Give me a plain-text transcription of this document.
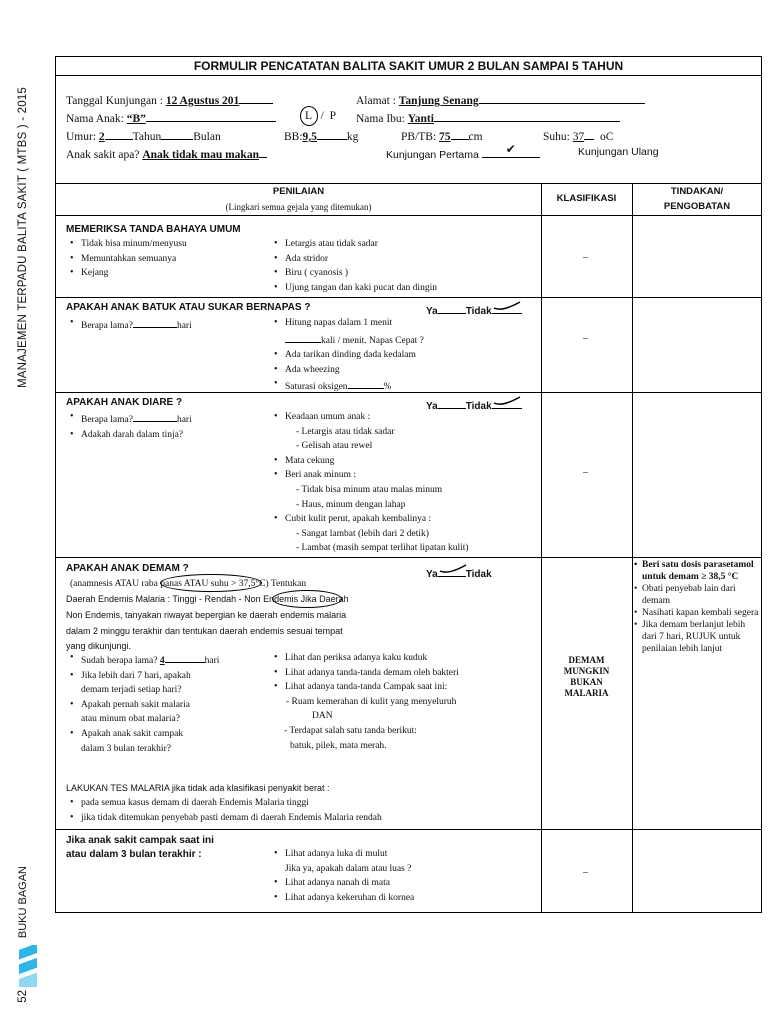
MANAJEMEN TERPADU BALITA SAKIT ( MTBS ) - 2015
BUKU BAGAN
52
FORMULIR PENCATATAN BALITA SAKIT UMUR 2 BULAN SAMPAI 5 TAHUN
Tanggal Kunjungan : 12 Agustus 201	Alamat : Tanjung Senang
Nama Anak: “B”	L / P Nama Ibu: Yanti
Umur: 2 Tahun	Bulan	BB:9,5	kg	PB/TB: 75 cm	Suhu: 37 oC
Anak sakit apa? Anak tidak mau makan	Kunjungan Pertama ✔	Kunjungan Ulang
PENILAIAN
(Lingkari semua gejala yang ditemukan)
KLASIFIKASI
TINDAKAN/
PENGOBATAN
MEMERIKSA TANDA BAHAYA UMUM
• Tidak bisa minum/menyusu
• Memuntahkan semuanya
• Kejang
• Letargis atau tidak sadar
• Ada stridor
• Biru ( cyanosis )
• Ujung tangan dan kaki pucat dan dingin
–
APAKAH ANAK BATUK ATAU SUKAR BERNAPAS ?	Ya	Tidak
• Berapa lama?	hari	• Hitung napas dalam 1 menit
kali / menit. Napas Cepat ?
• Ada tarikan dinding dada kedalam
• Ada wheezing
• Saturasi oksigen	%
–
APAKAH ANAK DIARE ?	Ya	Tidak
• Berapa lama?	hari
• Adakah darah dalam tinja?
• Keadaan umum anak :
- Letargis atau tidak sadar
- Gelisah atau rewel
• Mata cekung
• Beri anak minum :
- Tidak bisa minum atau malas minum
- Haus, minum dengan lahap
• Cubit kulit perut, apakah kembalinya :
- Sangat lambat (lebih dari 2 detik)
- Lambat (masih sempat terlihat lipatan kulit)
–
APAKAH ANAK DEMAM ?
Ya	Tidak
(anamnesis ATAU raba panas ATAU suhu > 37,5°C) Tentukan
Daerah Endemis Malaria : Tinggi - Rendah - Non Endemis Jika Daerah
Non Endemis, tanyakan riwayat bepergian ke daerah endemis malaria
dalam 2 minggu terakhir dan tentukan daerah endemis sesuai tempat
yang dikunjungi.
• Sudah berapa lama? 4	hari
• Jika lebih dari 7 hari, apakah
demam terjadi setiap hari?
• Apakah pernah sakit malaria
atau minum obat malaria?
• Apakah anak sakit campak
dalam 3 bulan terakhir?
• Lihat dan periksa adanya kaku kuduk
• Lihat adanya tanda-tanda demam oleh bakteri
• Lihat adanya tanda-tanda Campak saat ini:
- Ruam kemerahan di kulit yang menyeluruh
DAN
- Terdapat salah satu tanda berikut:
batuk, pilek, mata merah.
LAKUKAN TES MALARIA jika tidak ada klasifikasi penyakit berat :
• pada semua kasus demam di daerah Endemis Malaria tinggi
• jika tidak ditemukan penyebab pasti demam di daerah Endemis Malaria rendah
DEMAM
MUNGKIN
BUKAN
MALARIA
• Beri satu dosis parasetamol untuk demam ≥ 38,5 °C
• Obati penyebab lain dari demam
• Nasihati kapan kembali segera
• Jika demam berlanjut lebih dari 7 hari, RUJUK untuk penilaian lebih lanjut
Jika anak sakit campak saat ini
atau dalam 3 bulan terakhir :	• Lihat adanya luka di mulut
Jika ya, apakah dalam atau luas ?
• Lihat adanya nanah di mata
• Lihat adanya kekeruhan di kornea
–
